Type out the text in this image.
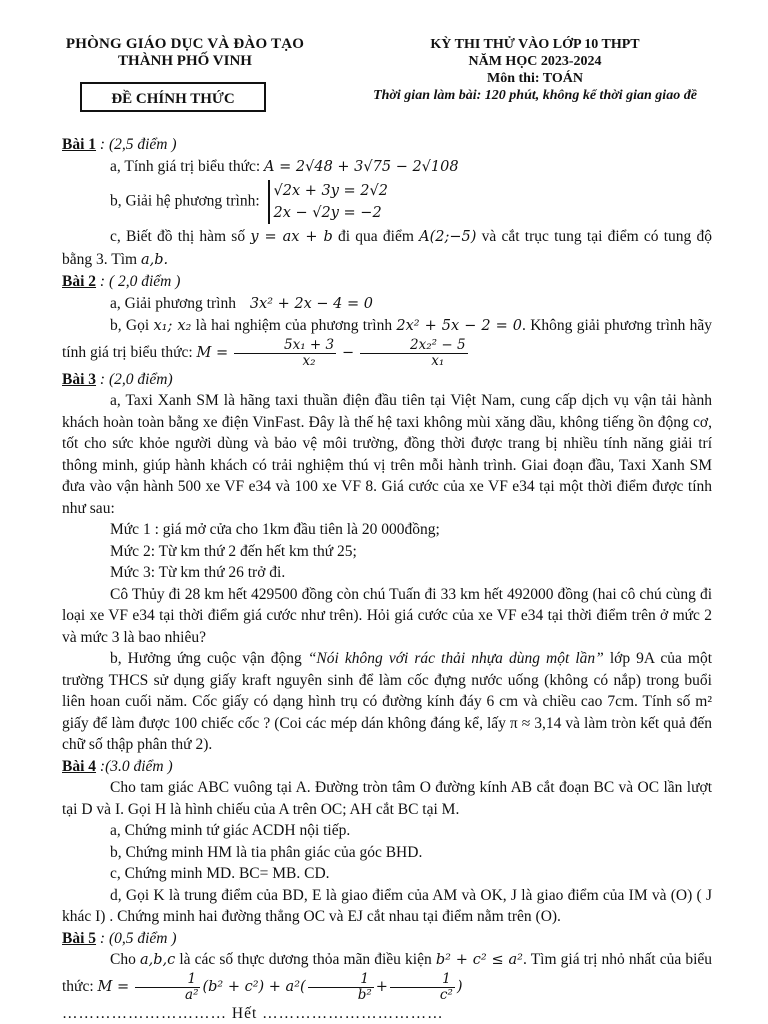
PHÒNG GIÁO DỤC VÀ ĐÀO TẠO
THÀNH PHỐ VINH
ĐỀ CHÍNH THỨC
KỲ THI THỬ VÀO LỚP 10 THPT
NĂM HỌC 2023-2024
Môn thi: TOÁN
Thời gian làm bài: 120 phút, không kể thời gian giao đề

Bài 1 : (2,5 điểm )

a, Tính giá trị biểu thức: A = 2√48 + 3√75 − 2√108

b, Giải hệ phương trình:
√2x + 3y = 2√2
2x − √2y = −2

c, Biết đồ thị hàm số y = ax + b đi qua điểm A(2;−5) và cắt trục tung tại điểm có tung độ bằng 3. Tìm a,b.

Bài 2 : ( 2,0 điểm )

a, Giải phương trình 3x² + 2x − 4 = 0

b, Gọi x₁; x₂ là hai nghiệm của phương trình 2x² + 5x − 2 = 0. Không giải phương trình hãy tính giá trị biểu thức: $M = \frac{\text{5x₁ + 3}}{\text{x₂}} - \frac{\text{2x₂² − 5}}{\text{x₁}}$

Bài 3 : (2,0 điểm)

a, Taxi Xanh SM là hãng taxi thuần điện đầu tiên tại Việt Nam, cung cấp dịch vụ vận tải hành khách hoàn toàn bằng xe điện VinFast. Đây là thế hệ taxi không mùi xăng dầu, không tiếng ồn động cơ, tốt cho sức khỏe người dùng và bảo vệ môi trường, đồng thời được trang bị nhiều tính năng giải trí thông minh, giúp hành khách có trải nghiệm thú vị trên mỗi hành trình. Giai đoạn đầu, Taxi Xanh SM đưa vào vận hành 500 xe VF e34 và 100 xe VF 8. Giá cước của xe VF e34 tại một thời điểm được tính như sau:

Mức 1 : giá mở cửa cho 1km đầu tiên là 20 000đồng;

Mức 2: Từ km thứ 2 đến hết km thứ 25;

Mức 3: Từ km thứ 26 trở đi.

Cô Thủy đi 28 km hết 429500 đồng còn chú Tuấn đi 33 km hết 492000 đồng (hai cô chú cùng đi loại xe VF e34 tại thời điểm giá cước như trên). Hỏi giá cước của xe VF e34 tại thời điểm trên ở mức 2 và mức 3 là bao nhiêu?

b, Hưởng ứng cuộc vận động “Nói không với rác thải nhựa dùng một lần” lớp 9A của một trường THCS sử dụng giấy kraft nguyên sinh để làm cốc đựng nước uống (không có nắp) trong buổi liên hoan cuối năm. Cốc giấy có dạng hình trụ có đường kính đáy 6 cm và chiều cao 7cm. Tính số m² giấy để làm được 100 chiếc cốc ? (Coi các mép dán không đáng kể, lấy π ≈ 3,14 và làm tròn kết quả đến chữ số thập phân thứ 2).

Bài 4 :(3.0 điểm )

Cho tam giác ABC vuông tại A. Đường tròn tâm O đường kính AB cắt đoạn BC và OC lần lượt tại D và I. Gọi H là hình chiếu của A trên OC; AH cắt BC tại M.

a, Chứng minh tứ giác ACDH nội tiếp.

b, Chứng minh HM là tia phân giác của góc BHD.

c, Chứng minh MD. BC= MB. CD.

d, Gọi K là trung điểm của BD, E là giao điểm của AM và OK, J là giao điểm của IM và (O) ( J khác I) . Chứng minh hai đường thẳng OC và EJ cắt nhau tại điểm nằm trên (O).

Bài 5 : (0,5 điểm )

Cho a,b,c là các số thực dương thỏa mãn điều kiện b² + c² ≤ a². Tìm giá trị nhỏ nhất của biểu thức: $M = \frac{1}{\text{a²}} (b^2 + c^2) + a^2( \frac{1}{\text{b²}} + \frac{1}{\text{c²}}$ )

………………………… Hết ……………………………
